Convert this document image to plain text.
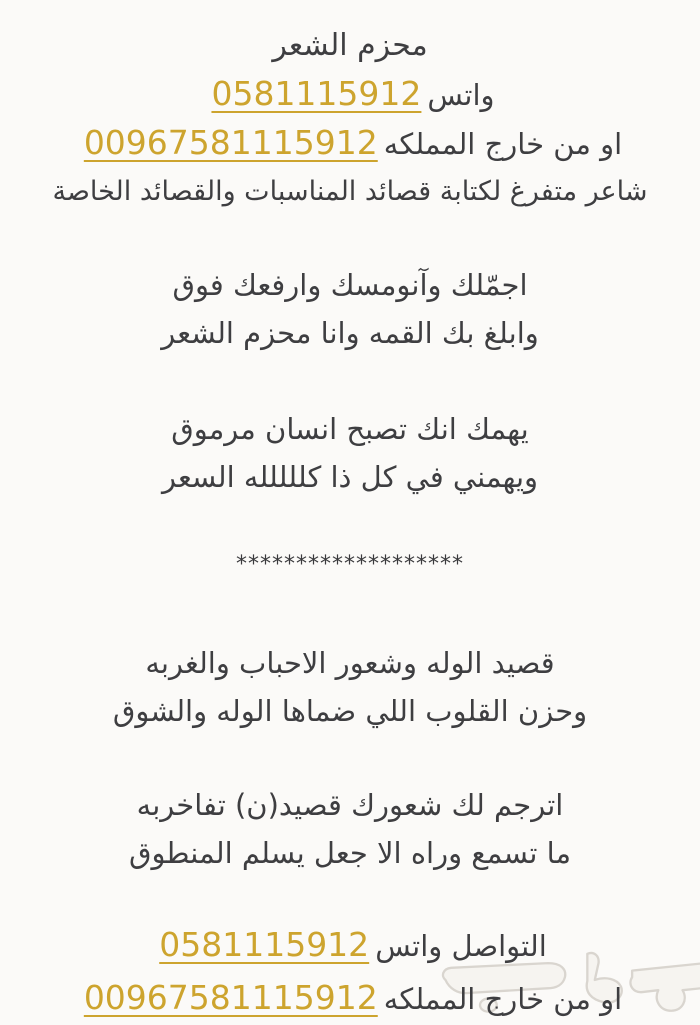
محزم الشعر
واتس0581115912
او من خارج المملكه00967581115912
شاعر متفرغ لكتابة قصائد المناسبات والقصائد الخاصة
اجمّلك وآنومسك وارفعك فوق
وابلغ بك القمه وانا محزم الشعر
يهمك انك تصبح انسان مرموق
ويهمني في كل ذا كللللله السعر
*******************
قصيد الوله وشعور الاحباب والغربه
وحزن القلوب اللي ضماها الوله والشوق
اترجم لك شعورك قصيد(ن) تفاخربه
ما تسمع وراه الا جعل يسلم المنطوق
التواصل واتس0581115912
او من خارج المملكه00967581115912
